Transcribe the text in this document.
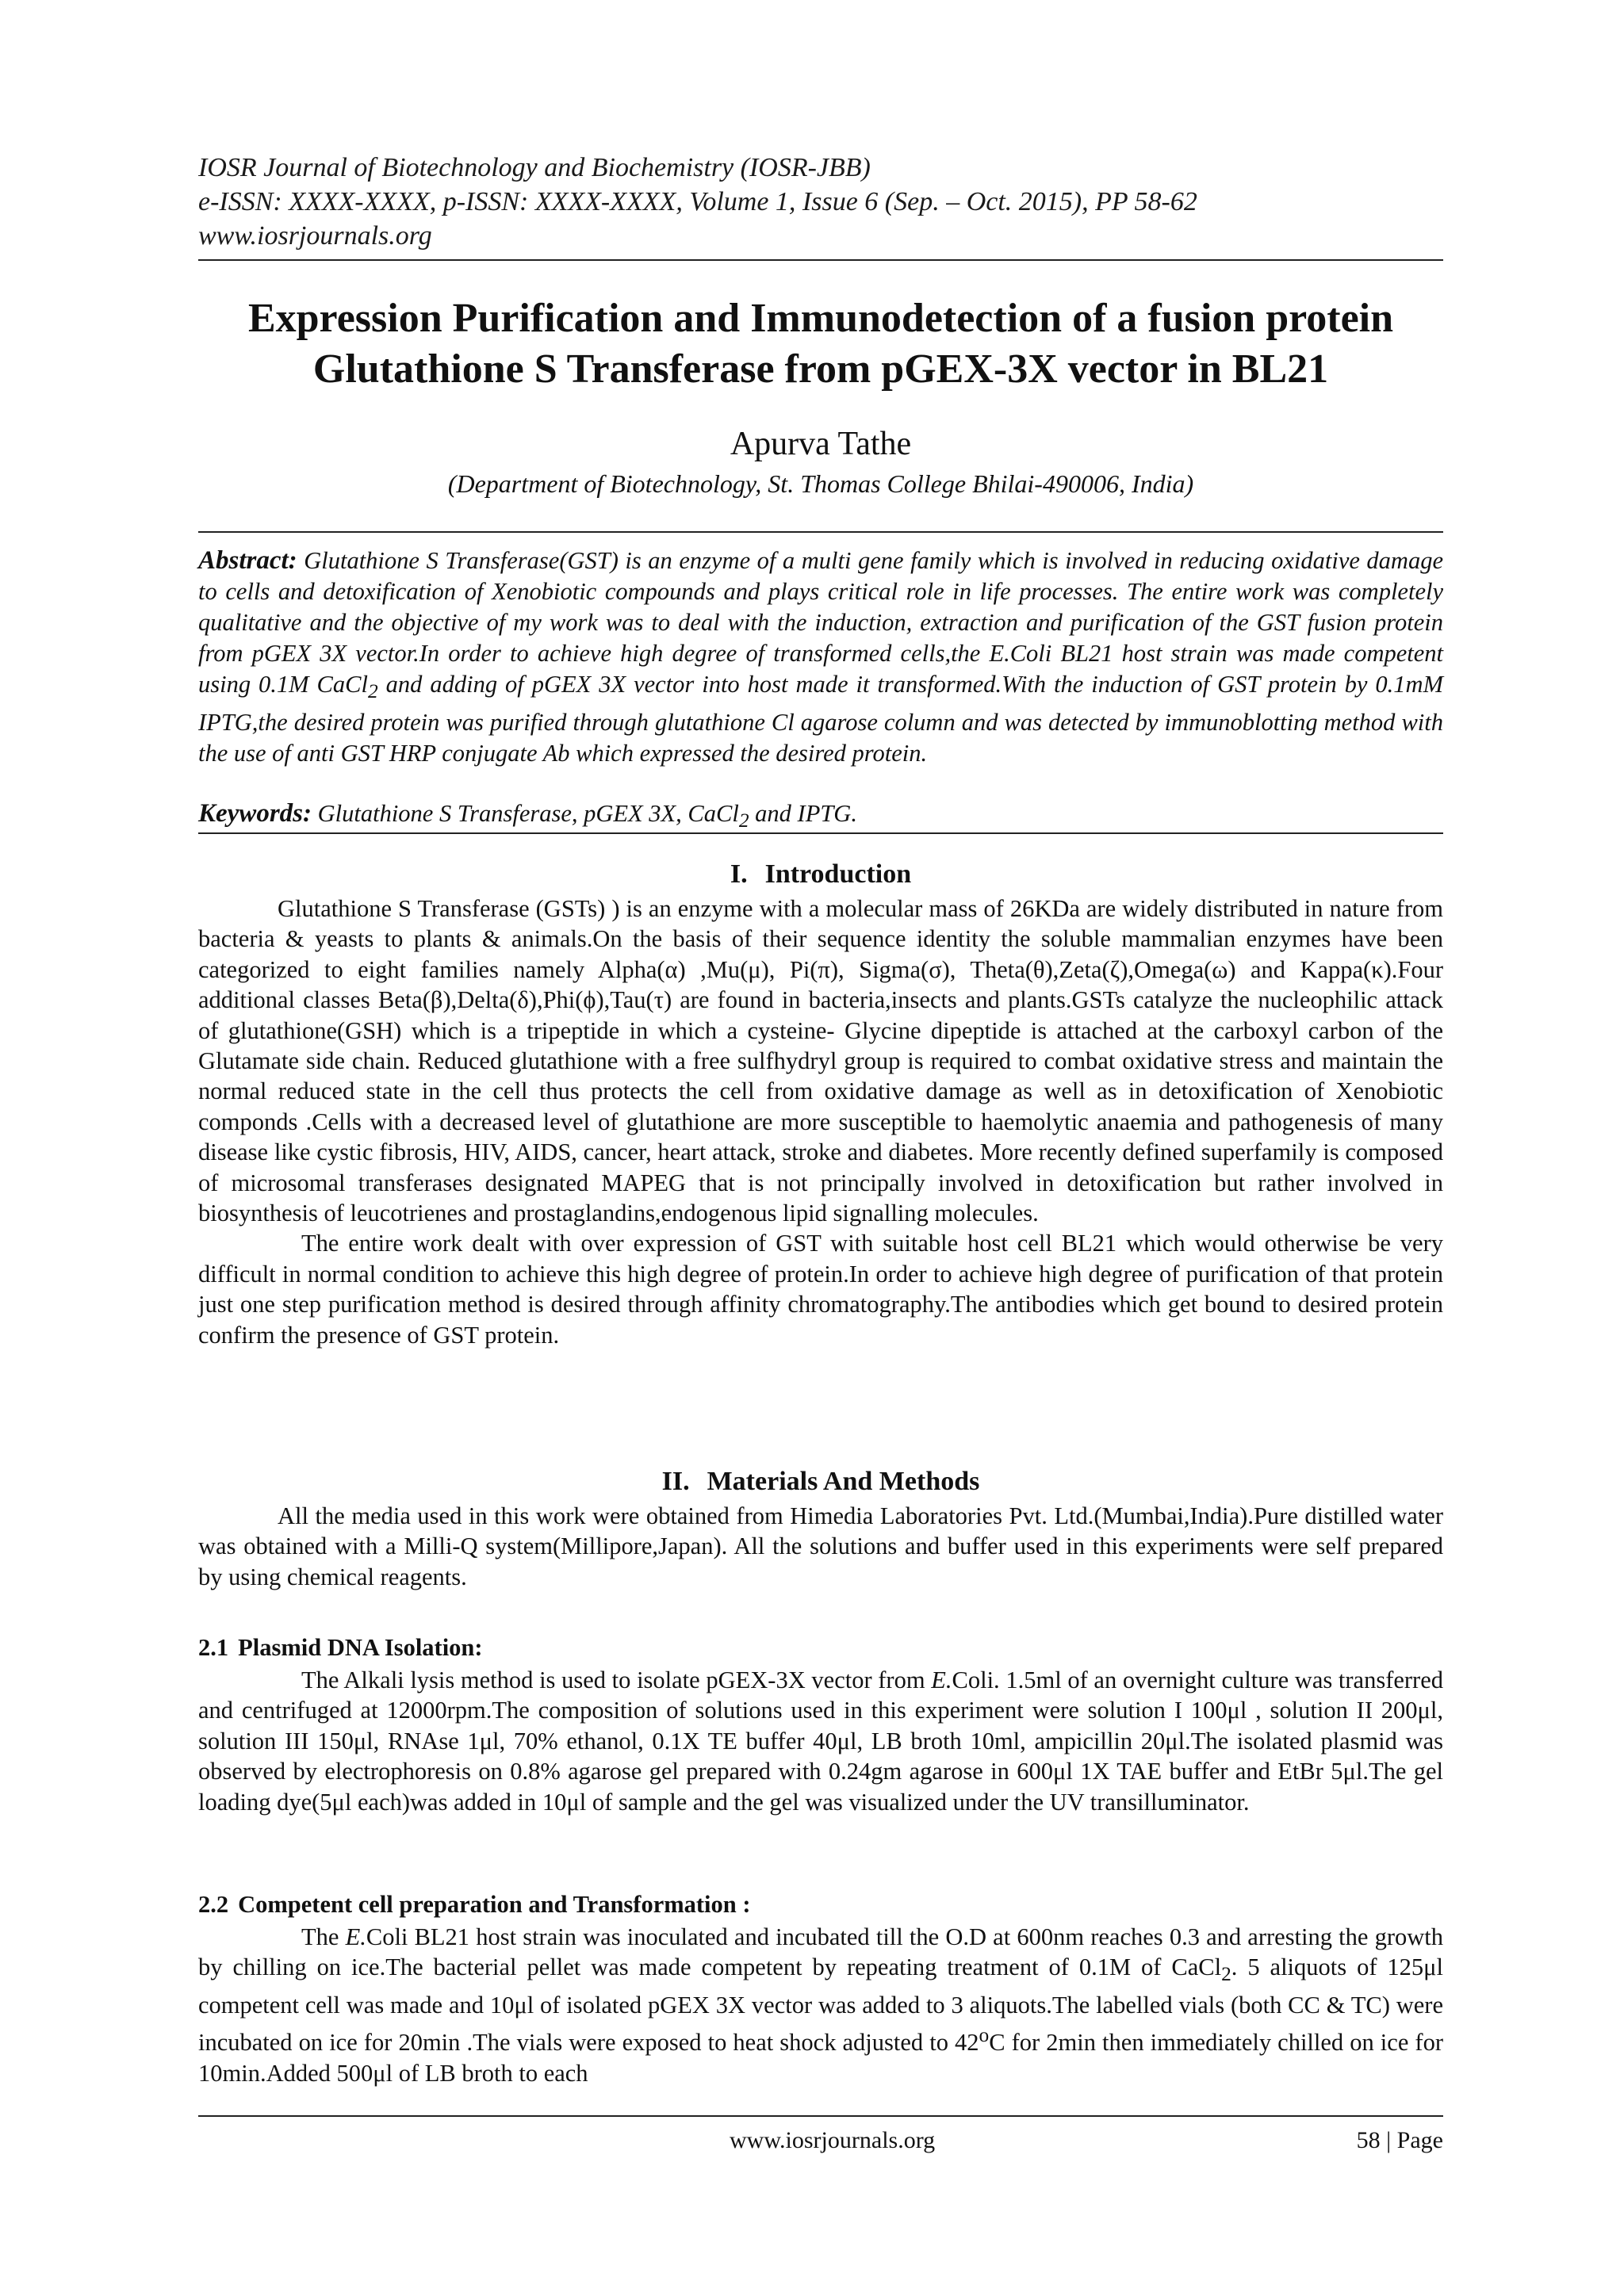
IOSR Journal of Biotechnology and Biochemistry (IOSR-JBB)
e-ISSN: XXXX-XXXX, p-ISSN: XXXX-XXXX, Volume 1, Issue 6 (Sep. – Oct. 2015), PP 58-62
www.iosrjournals.org
Expression Purification and Immunodetection of a fusion protein
Glutathione S Transferase from pGEX-3X vector in BL21
Apurva Tathe
(Department of Biotechnology, St. Thomas College Bhilai-490006, India)
Abstract: Glutathione S Transferase(GST) is an enzyme of a multi gene family which is involved in reducing oxidative damage to cells and detoxification of Xenobiotic compounds and plays critical role in life processes. The entire work was completely qualitative and the objective of my work was to deal with the induction, extraction and purification of the GST fusion protein from pGEX 3X vector.In order to achieve high degree of transformed cells,the E.Coli BL21 host strain was made competent using 0.1M CaCl$_2$ and adding of pGEX 3X vector into host made it transformed.With the induction of GST protein by 0.1mM IPTG,the desired protein was purified through glutathione Cl agarose column and was detected by immunoblotting method with the use of anti GST HRP conjugate Ab which expressed the desired protein.
Keywords: Glutathione S Transferase, pGEX 3X, CaCl$_2$ and IPTG.
I. Introduction

Glutathione S Transferase (GSTs) ) is an enzyme with a molecular mass of 26KDa are widely distributed in nature from bacteria & yeasts to plants & animals.On the basis of their sequence identity the soluble mammalian enzymes have been categorized to eight families namely Alpha(α) ,Mu(μ), Pi(π), Sigma(σ), Theta(θ),Zeta(ζ),Omega(ω) and Kappa(κ).Four additional classes Beta(β),Delta(δ),Phi(ϕ),Tau(τ) are found in bacteria,insects and plants.GSTs catalyze the nucleophilic attack of glutathione(GSH) which is a tripeptide in which a cysteine- Glycine dipeptide is attached at the carboxyl carbon of the Glutamate side chain. Reduced glutathione with a free sulfhydryl group is required to combat oxidative stress and maintain the normal reduced state in the cell thus protects the cell from oxidative damage as well as in detoxification of Xenobiotic componds .Cells with a decreased level of glutathione are more susceptible to haemolytic anaemia and pathogenesis of many disease like cystic fibrosis, HIV, AIDS, cancer, heart attack, stroke and diabetes. More recently defined superfamily is composed of microsomal transferases designated MAPEG that is not principally involved in detoxification but rather involved in biosynthesis of leucotrienes and prostaglandins,endogenous lipid signalling molecules.

The entire work dealt with over expression of GST with suitable host cell BL21 which would otherwise be very difficult in normal condition to achieve this high degree of protein.In order to achieve high degree of purification of that protein just one step purification method is desired through affinity chromatography.The antibodies which get bound to desired protein confirm the presence of GST protein.

II. Materials And Methods

All the media used in this work were obtained from Himedia Laboratories Pvt. Ltd.(Mumbai,India).Pure distilled water was obtained with a Milli-Q system(Millipore,Japan). All the solutions and buffer used in this experiments were self prepared by using chemical reagents.

2.1 Plasmid DNA Isolation:

The Alkali lysis method is used to isolate pGEX-3X vector from E.Coli. 1.5ml of an overnight culture was transferred and centrifuged at 12000rpm.The composition of solutions used in this experiment were solution I 100μl , solution II 200μl, solution III 150μl, RNAse 1μl, 70% ethanol, 0.1X TE buffer 40μl, LB broth 10ml, ampicillin 20μl.The isolated plasmid was observed by electrophoresis on 0.8% agarose gel prepared with 0.24gm agarose in 600μl 1X TAE buffer and EtBr 5μl.The gel loading dye(5μl each)was added in 10μl of sample and the gel was visualized under the UV transilluminator.

2.2 Competent cell preparation and Transformation :

The E.Coli BL21 host strain was inoculated and incubated till the O.D at 600nm reaches 0.3 and arresting the growth by chilling on ice.The bacterial pellet was made competent by repeating treatment of 0.1M of CaCl$_2$. 5 aliquots of 125μl competent cell was made and 10μl of isolated pGEX 3X vector was added to 3 aliquots.The labelled vials (both CC & TC) were incubated on ice for 20min .The vials were exposed to heat shock adjusted to 42$^o$C for 2min then immediately chilled on ice for 10min.Added 500μl of LB broth to each

www.iosrjournals.org	58 | Page
